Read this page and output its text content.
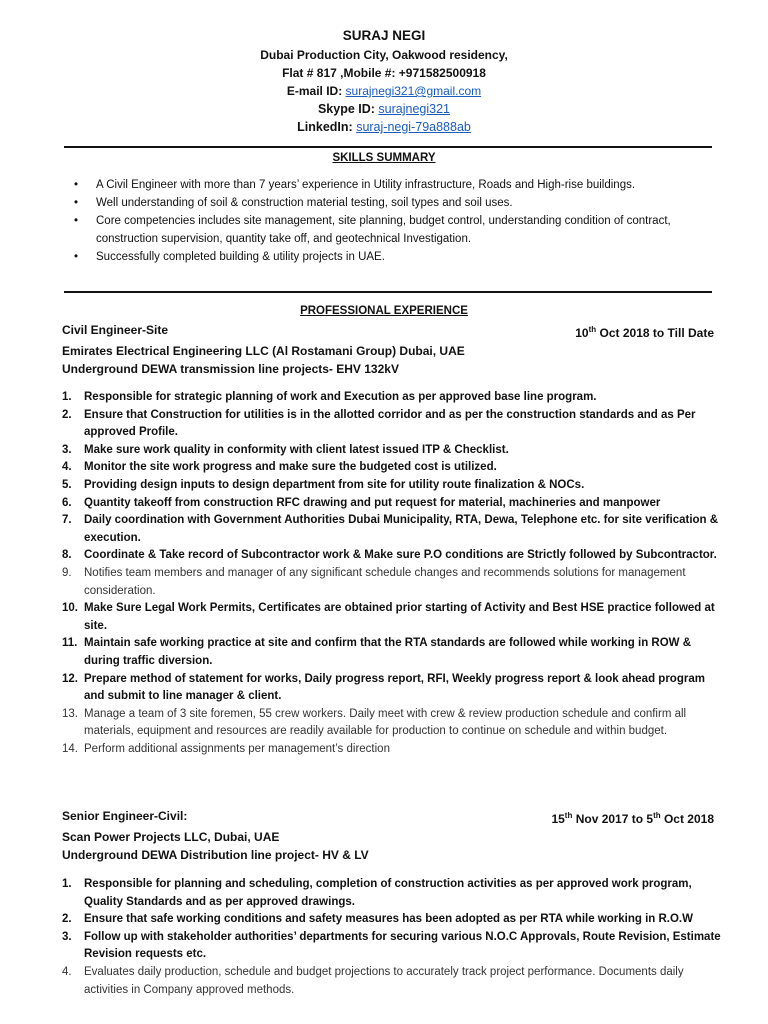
SURAJ NEGI
Dubai Production City, Oakwood residency,
Flat # 817 ,Mobile #: +971582500918
E-mail ID: surajnegi321@gmail.com
Skype ID: surajnegi321
LinkedIn: suraj-negi-79a888ab
SKILLS SUMMARY
• A Civil Engineer with more than 7 years’ experience in Utility infrastructure, Roads and High-rise buildings.
• Well understanding of soil & construction material testing, soil types and soil uses.
• Core competencies includes site management, site planning, budget control, understanding condition of contract, construction supervision, quantity take off, and geotechnical Investigation.
• Successfully completed building & utility projects in UAE.
PROFESSIONAL EXPERIENCE
Civil Engineer-Site	10th Oct 2018 to Till Date
Emirates Electrical Engineering LLC (Al Rostamani Group) Dubai, UAE
Underground DEWA transmission line projects- EHV 132kV
1. Responsible for strategic planning of work and Execution as per approved base line program.
2. Ensure that Construction for utilities is in the allotted corridor and as per the construction standards and as Per approved Profile.
3. Make sure work quality in conformity with client latest issued ITP & Checklist.
4. Monitor the site work progress and make sure the budgeted cost is utilized.
5. Providing design inputs to design department from site for utility route finalization & NOCs.
6. Quantity takeoff from construction RFC drawing and put request for material, machineries and manpower
7. Daily coordination with Government Authorities Dubai Municipality, RTA, Dewa, Telephone etc. for site verification & execution.
8. Coordinate & Take record of Subcontractor work & Make sure P.O conditions are Strictly followed by Subcontractor.
9. Notifies team members and manager of any significant schedule changes and recommends solutions for management consideration.
10. Make Sure Legal Work Permits, Certificates are obtained prior starting of Activity and Best HSE practice followed at site.
11. Maintain safe working practice at site and confirm that the RTA standards are followed while working in ROW & during traffic diversion.
12. Prepare method of statement for works, Daily progress report, RFI, Weekly progress report & look ahead program and submit to line manager & client.
13. Manage a team of 3 site foremen, 55 crew workers. Daily meet with crew & review production schedule and confirm all materials, equipment and resources are readily available for production to continue on schedule and within budget.
14. Perform additional assignments per management’s direction
Senior Engineer-Civil:	15th Nov 2017 to 5th Oct 2018
Scan Power Projects LLC, Dubai, UAE
Underground DEWA Distribution line project- HV & LV
1. Responsible for planning and scheduling, completion of construction activities as per approved work program, Quality Standards and as per approved drawings.
2. Ensure that safe working conditions and safety measures has been adopted as per RTA while working in R.O.W
3. Follow up with stakeholder authorities’ departments for securing various N.O.C Approvals, Route Revision, Estimate Revision requests etc.
4. Evaluates daily production, schedule and budget projections to accurately track project performance. Documents daily activities in Company approved methods.
